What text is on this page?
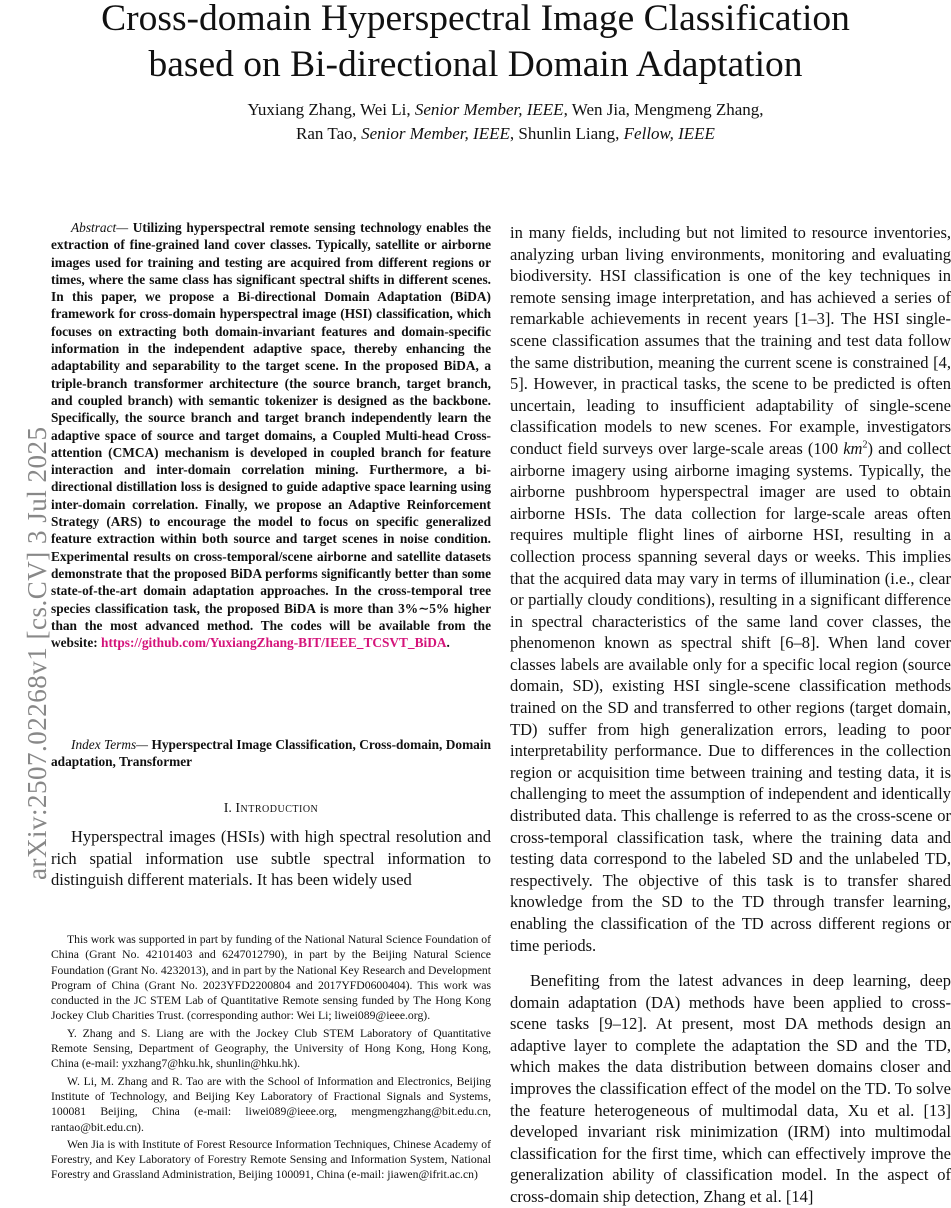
Cross-domain Hyperspectral Image Classification
based on Bi-directional Domain Adaptation
Yuxiang Zhang, Wei Li, Senior Member, IEEE, Wen Jia, Mengmeng Zhang,
Ran Tao, Senior Member, IEEE, Shunlin Liang, Fellow, IEEE
arXiv:2507.02268v1 [cs.CV] 3 Jul 2025
Abstract— Utilizing hyperspectral remote sensing technology enables the extraction of fine-grained land cover classes. Typically, satellite or airborne images used for training and testing are acquired from different regions or times, where the same class has significant spectral shifts in different scenes. In this paper, we propose a Bi-directional Domain Adaptation (BiDA) framework for cross-domain hyperspectral image (HSI) classification, which focuses on extracting both domain-invariant features and domain-specific information in the independent adaptive space, thereby enhancing the adaptability and separability to the target scene. In the proposed BiDA, a triple-branch transformer architecture (the source branch, target branch, and coupled branch) with semantic tokenizer is designed as the backbone. Specifically, the source branch and target branch independently learn the adaptive space of source and target domains, a Coupled Multi-head Cross-attention (CMCA) mechanism is developed in coupled branch for feature interaction and inter-domain correlation mining. Furthermore, a bi-directional distillation loss is designed to guide adaptive space learning using inter-domain correlation. Finally, we propose an Adaptive Reinforcement Strategy (ARS) to encourage the model to focus on specific generalized feature extraction within both source and target scenes in noise condition. Experimental results on cross-temporal/scene airborne and satellite datasets demonstrate that the proposed BiDA performs significantly better than some state-of-the-art domain adaptation approaches. In the cross-temporal tree species classification task, the proposed BiDA is more than 3%∼5% higher than the most advanced method. The codes will be available from the website: https://github.com/YuxiangZhang-BIT/IEEE_TCSVT_BiDA.
Index Terms— Hyperspectral Image Classification, Cross-domain, Domain adaptation, Transformer
I. Introduction
Hyperspectral images (HSIs) with high spectral resolution and rich spatial information use subtle spectral information to distinguish different materials. It has been widely used

This work was supported in part by funding of the National Natural Science Foundation of China (Grant No. 42101403 and 6247012790), in part by the Beijing Natural Science Foundation (Grant No. 4232013), and in part by the National Key Research and Development Program of China (Grant No. 2023YFD2200804 and 2017YFD0600404). This work was conducted in the JC STEM Lab of Quantitative Remote sensing funded by The Hong Kong Jockey Club Charities Trust. (corresponding author: Wei Li; liwei089@ieee.org).

Y. Zhang and S. Liang are with the Jockey Club STEM Laboratory of Quantitative Remote Sensing, Department of Geography, the University of Hong Kong, Hong Kong, China (e-mail: yxzhang7@hku.hk, shunlin@hku.hk).

W. Li, M. Zhang and R. Tao are with the School of Information and Electronics, Beijing Institute of Technology, and Beijing Key Laboratory of Fractional Signals and Systems, 100081 Beijing, China (e-mail: liwei089@ieee.org, mengmengzhang@bit.edu.cn, rantao@bit.edu.cn).

Wen Jia is with Institute of Forest Resource Information Techniques, Chinese Academy of Forestry, and Key Laboratory of Forestry Remote Sensing and Information System, National Forestry and Grassland Administration, Beijing 100091, China (e-mail: jiawen@ifrit.ac.cn)

in many fields, including but not limited to resource inventories, analyzing urban living environments, monitoring and evaluating biodiversity. HSI classification is one of the key techniques in remote sensing image interpretation, and has achieved a series of remarkable achievements in recent years [1–3]. The HSI single-scene classification assumes that the training and test data follow the same distribution, meaning the current scene is constrained [4, 5]. However, in practical tasks, the scene to be predicted is often uncertain, leading to insufficient adaptability of single-scene classification models to new scenes. For example, investigators conduct field surveys over large-scale areas (100 $km^2$) and collect airborne imagery using airborne imaging systems. Typically, the airborne pushbroom hyperspectral imager are used to obtain airborne HSIs. The data collection for large-scale areas often requires multiple flight lines of airborne HSI, resulting in a collection process spanning several days or weeks. This implies that the acquired data may vary in terms of illumination (i.e., clear or partially cloudy conditions), resulting in a significant difference in spectral characteristics of the same land cover classes, the phenomenon known as spectral shift [6–8]. When land cover classes labels are available only for a specific local region (source domain, SD), existing HSI single-scene classification methods trained on the SD and transferred to other regions (target domain, TD) suffer from high generalization errors, leading to poor interpretability performance. Due to differences in the collection region or acquisition time between training and testing data, it is challenging to meet the assumption of independent and identically distributed data. This challenge is referred to as the cross-scene or cross-temporal classification task, where the training data and testing data correspond to the labeled SD and the unlabeled TD, respectively. The objective of this task is to transfer shared knowledge from the SD to the TD through transfer learning, enabling the classification of the TD across different regions or time periods.
Benefiting from the latest advances in deep learning, deep domain adaptation (DA) methods have been applied to cross-scene tasks [9–12]. At present, most DA methods design an adaptive layer to complete the adaptation the SD and the TD, which makes the data distribution between domains closer and improves the classification effect of the model on the TD. To solve the feature heterogeneous of multimodal data, Xu et al. [13] developed invariant risk minimization (IRM) into multimodal classification for the first time, which can effectively improve the generalization ability of classification model. In the aspect of cross-domain ship detection, Zhang et al. [14]
